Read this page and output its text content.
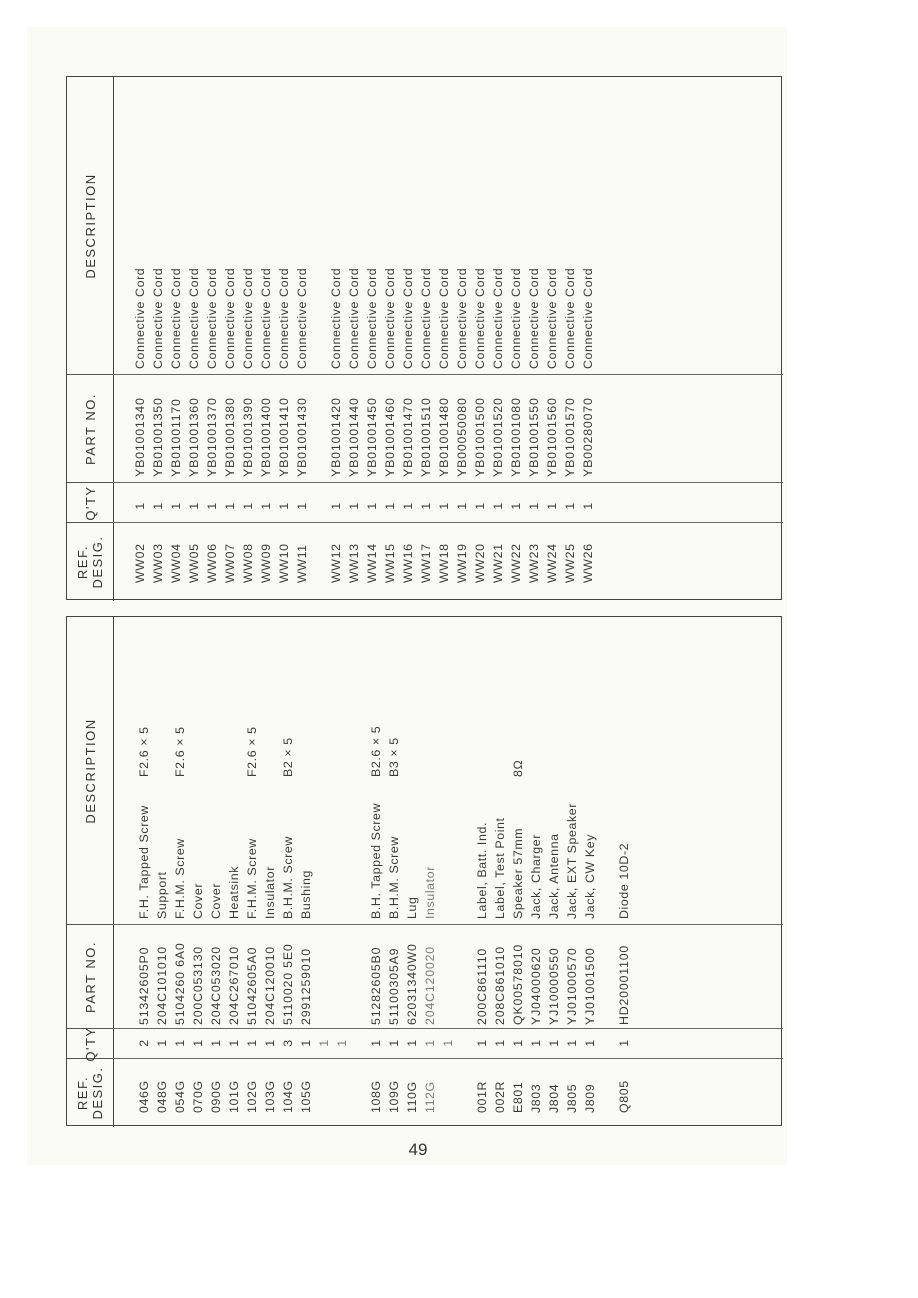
REF. DESIG.
Q'TY
PART NO.
DESCRIPTION
046G
2
51342605P0
F.H. Tapped Screw
F2.6 × 5
048G
1
204C101010
Support
054G
1
5104260 6A0
F.H.M. Screw
F2.6 × 5
070G
1
200C053130
Cover
090G
1
204C053020
Cover
101G
1
204C267010
Heatsink
102G
1
51042605A0
F.H.M. Screw
F2.6 × 5
103G
1
204C120010
Insulator
104G
3
5110020 5E0
B.H.M. Screw
B2 × 5
105G
1
2991259010
Bushing
1 1
108G
1
51282605B0
B.H. Tapped Screw
B2.6 × 5
109G
1
51100305A9
B.H.M. Screw
B3 × 5
110G
1
62031340W0
Lug
112G
1
204C120020
Insulator
1
001R
1
200C861110
Label, Batt. Ind.
002R
1
208C861010
Label, Test Point
E801
1
QK00578010
Speaker 57mm
8Ω
J803
1
YJ04000620
Jack, Charger
J804
1
YJ10000550
Jack, Antenna
J805
1
YJ01000570
Jack, EXT Speaker
J809
1
YJ01001500
Jack, CW Key
Q805
1
HD20001100
Diode 10D-2
REF. DESIG.
Q'TY
PART NO.
DESCRIPTION
WW02
1
YB01001340
Connective Cord
WW03
1
YB01001350
Connective Cord
WW04
1
YB01001170
Connective Cord
WW05
1
YB01001360
Connective Cord
WW06
1
YB01001370
Connective Cord
WW07
1
YB01001380
Connective Cord
WW08
1
YB01001390
Connective Cord
WW09
1
YB01001400
Connective Cord
WW10
1
YB01001410
Connective Cord
WW11
1
YB01001430
Connective Cord
WW12
1
YB01001420
Connective Cord
WW13
1
YB01001440
Connective Cord
WW14
1
YB01001450
Connective Cord
WW15
1
YB01001460
Connective Cord
WW16
1
YB01001470
Connective Cord
WW17
1
YB01001510
Connective Cord
WW18
1
YB01001480
Connective Cord
WW19
1
YB00050080
Connective Cord
WW20
1
YB01001500
Connective Cord
WW21
1
YB01001520
Connective Cord
WW22
1
YB01001080
Connective Cord
WW23
1
YB01001550
Connective Cord
WW24
1
YB01001560
Connective Cord
WW25
1
YB01001570
Connective Cord
WW26
1
YB00280070
Connective Cord
49
